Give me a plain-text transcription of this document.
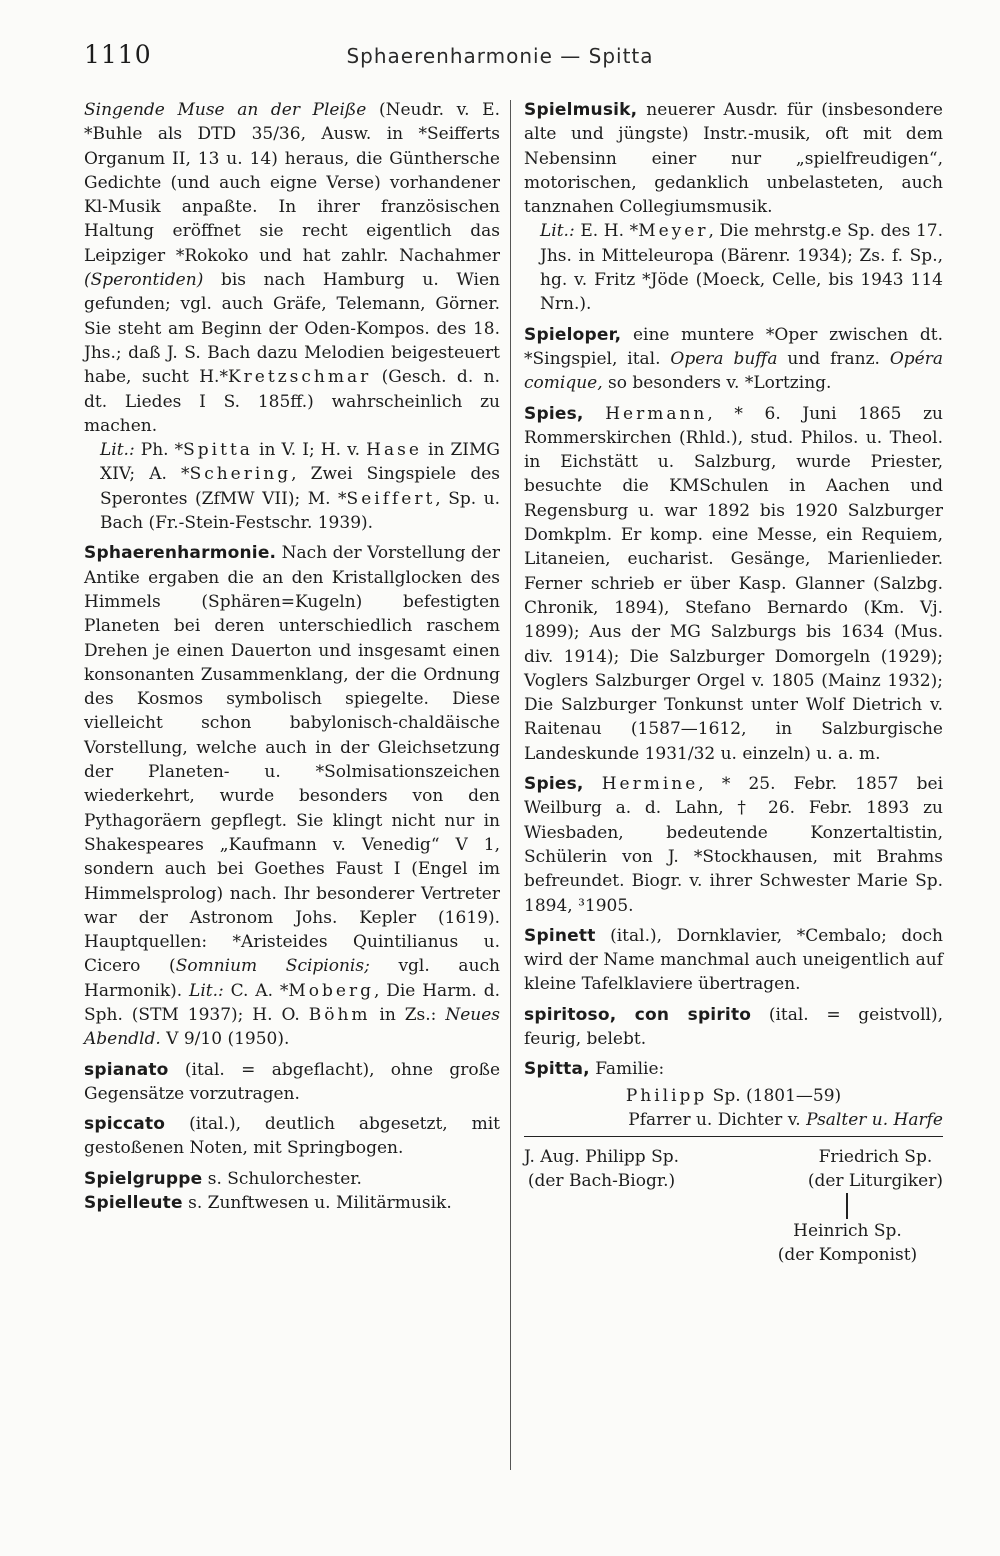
1110	Sphaerenharmonie — Spitta

Singende Muse an der Pleiße (Neudr. v. E. *Buhle als DTD 35/36, Ausw. in *Seifferts Organum II, 13 u. 14) heraus, die Günthersche Gedichte (und auch eigne Verse) vorhandener Kl-Musik anpaßte. In ihrer französischen Haltung eröffnet sie recht eigentlich das Leipziger *Rokoko und hat zahlr. Nachahmer (Sperontiden) bis nach Hamburg u. Wien gefunden; vgl. auch Gräfe, Telemann, Görner. Sie steht am Beginn der Oden-Kompos. des 18. Jhs.; daß J. S. Bach dazu Melodien beigesteuert habe, sucht H.*Kretzschmar (Gesch. d. n. dt. Liedes I S. 185ff.) wahrscheinlich zu machen.

Lit.: Ph. *Spitta in V. I; H. v. Hase in ZIMG XIV; A. *Schering, Zwei Singspiele des Sperontes (ZfMW VII); M. *Seiffert, Sp. u. Bach (Fr.-Stein-Festschr. 1939).

Sphaerenharmonie. Nach der Vorstellung der Antike ergaben die an den Kristallglocken des Himmels (Sphären=Kugeln) befestigten Planeten bei deren unterschiedlich raschem Drehen je einen Dauerton und insgesamt einen konsonanten Zusammenklang, der die Ordnung des Kosmos symbolisch spiegelte. Diese vielleicht schon babylonisch-chaldäische Vorstellung, welche auch in der Gleichsetzung der Planeten- u. *Solmisationszeichen wiederkehrt, wurde besonders von den Pythagoräern gepflegt. Sie klingt nicht nur in Shakespeares „Kaufmann v. Venedig“ V 1, sondern auch bei Goethes Faust I (Engel im Himmelsprolog) nach. Ihr besonderer Vertreter war der Astronom Johs. Kepler (1619). Hauptquellen: *Aristeides Quintilianus u. Cicero (Somnium Scipionis; vgl. auch Harmonik). Lit.: C. A. *Moberg, Die Harm. d. Sph. (STM 1937); H. O. Böhm in Zs.: Neues Abendld. V 9/10 (1950).

spianato (ital. = abgeflacht), ohne große Gegensätze vorzutragen.

spiccato (ital.), deutlich abgesetzt, mit gestoßenen Noten, mit Springbogen.

Spielgruppe s. Schulorchester.

Spielleute s. Zunftwesen u. Militärmusik.

Spielmusik, neuerer Ausdr. für (insbesondere alte und jüngste) Instr.-musik, oft mit dem Nebensinn einer nur „spielfreudigen“, motorischen, gedanklich unbelasteten, auch tanznahen Collegiumsmusik.

Lit.: E. H. *Meyer, Die mehrstg.e Sp. des 17. Jhs. in Mitteleuropa (Bärenr. 1934); Zs. f. Sp., hg. v. Fritz *Jöde (Moeck, Celle, bis 1943 114 Nrn.).

Spieloper, eine muntere *Oper zwischen dt. *Singspiel, ital. Opera buffa und franz. Opéra comique, so besonders v. *Lortzing.

Spies, Hermann, * 6. Juni 1865 zu Rommerskirchen (Rhld.), stud. Philos. u. Theol. in Eichstätt u. Salzburg, wurde Priester, besuchte die KMSchulen in Aachen und Regensburg u. war 1892 bis 1920 Salzburger Domkplm. Er komp. eine Messe, ein Requiem, Litaneien, eucharist. Gesänge, Marienlieder. Ferner schrieb er über Kasp. Glanner (Salzbg. Chronik, 1894), Stefano Bernardo (Km. Vj. 1899); Aus der MG Salzburgs bis 1634 (Mus. div. 1914); Die Salzburger Domorgeln (1929); Voglers Salzburger Orgel v. 1805 (Mainz 1932); Die Salzburger Tonkunst unter Wolf Dietrich v. Raitenau (1587—1612, in Salzburgische Landeskunde 1931/32 u. einzeln) u. a. m.

Spies, Hermine, * 25. Febr. 1857 bei Weilburg a. d. Lahn, † 26. Febr. 1893 zu Wiesbaden, bedeutende Konzertaltistin, Schülerin von J. *Stockhausen, mit Brahms befreundet. Biogr. v. ihrer Schwester Marie Sp. 1894, ³1905.

Spinett (ital.), Dornklavier, *Cembalo; doch wird der Name manchmal auch uneigentlich auf kleine Tafelklaviere übertragen.

spiritoso, con spirito (ital. = geistvoll), feurig, belebt.

Spitta, Familie:

Philipp Sp. (1801—59)
Pfarrer u. Dichter v. Psalter u. Harfe
J. Aug. Philipp Sp.
(der Bach-Biogr.)
Friedrich Sp.
(der Liturgiker)
Heinrich Sp.
(der Komponist)
